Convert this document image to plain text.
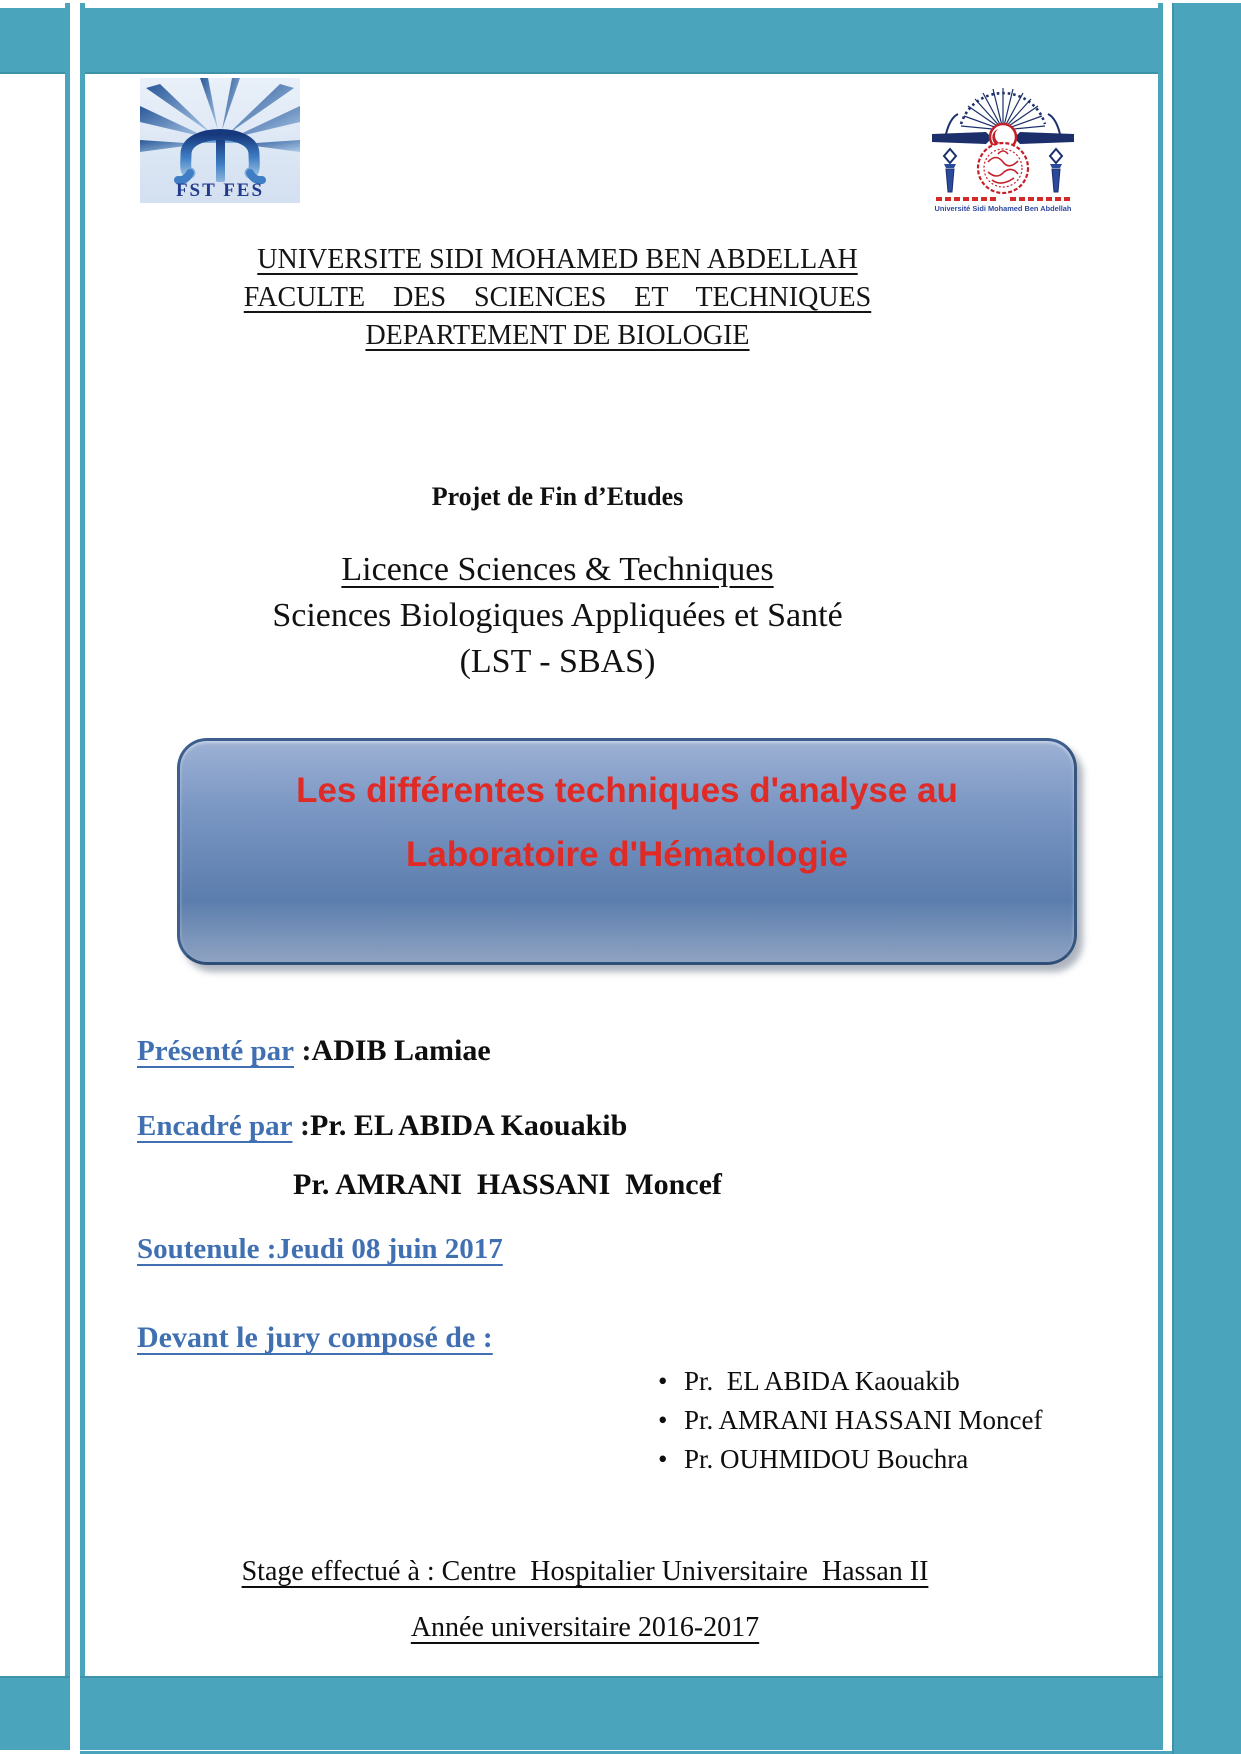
FST FES
Université Sidi Mohamed Ben Abdellah
UNIVERSITE SIDI MOHAMED BEN ABDELLAH
FACULTE  DES  SCIENCES  ET  TECHNIQUES
DEPARTEMENT DE BIOLOGIE
Projet de Fin d’Etudes
Licence Sciences & Techniques
Sciences Biologiques Appliquées et Santé
(LST - SBAS)
Les différentes techniques d'analyse au
Laboratoire d'Hématologie
Présenté par :ADIB Lamiae
Encadré par :Pr. EL ABIDA Kaouakib
Pr. AMRANI  HASSANI  Moncef
Soutenule :Jeudi 08 juin 2017
Devant le jury composé de :
• Pr.  EL ABIDA Kaouakib
• Pr. AMRANI HASSANI Moncef
• Pr. OUHMIDOU Bouchra
Stage effectué à : Centre  Hospitalier Universitaire  Hassan II
Année universitaire 2016-2017
